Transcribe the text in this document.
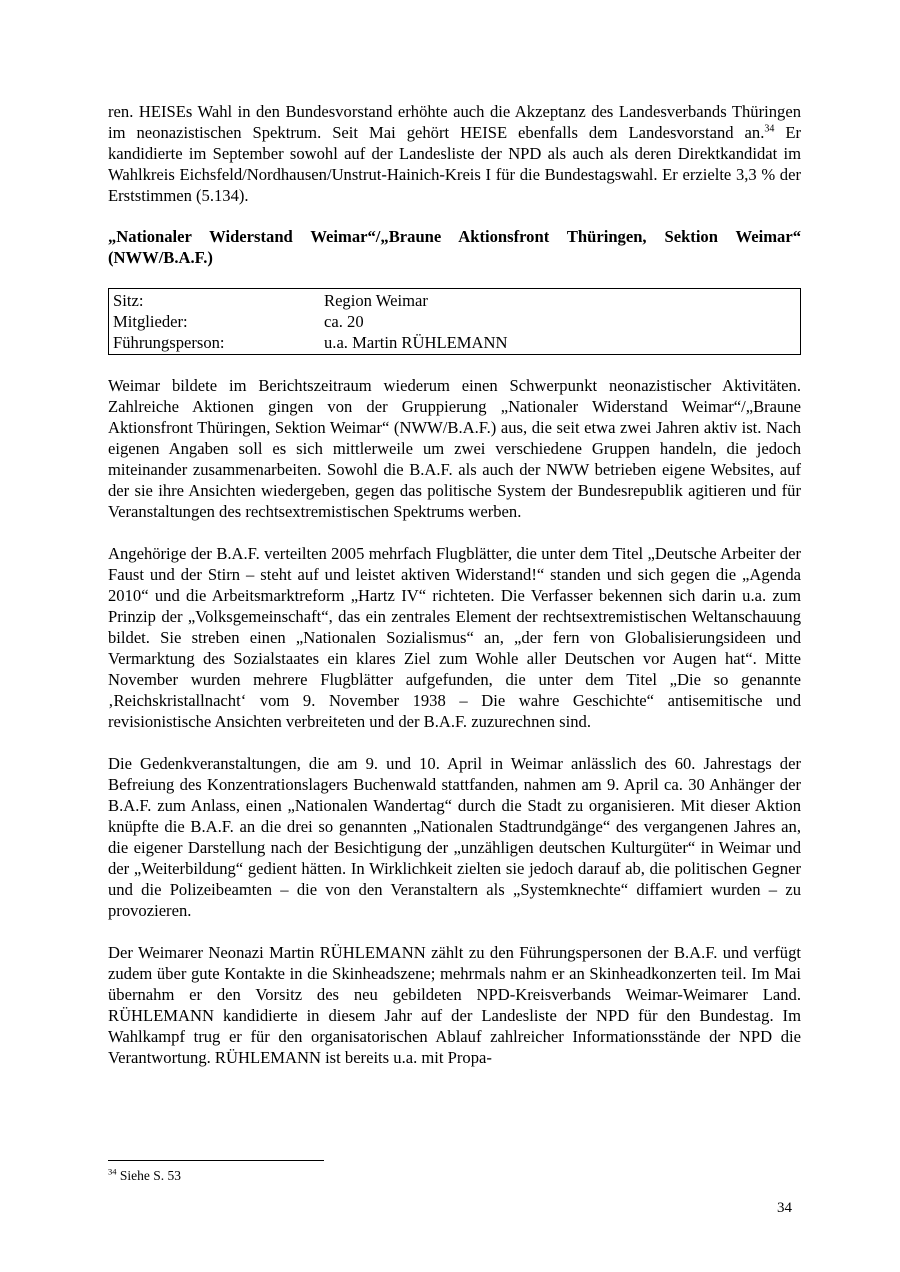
ren. HEISEs Wahl in den Bundesvorstand erhöhte auch die Akzeptanz des Landesverbands Thüringen im neonazistischen Spektrum. Seit Mai gehört HEISE ebenfalls dem Landesvorstand an.$^{34}$ Er kandidierte im September sowohl auf der Landesliste der NPD als auch als deren Direktkandidat im Wahlkreis Eichsfeld/Nordhausen/Unstrut-Hainich-Kreis I für die Bundestagswahl. Er erzielte 3,3 % der Erststimmen (5.134).

„Nationaler Widerstand Weimar“/„Braune Aktionsfront Thüringen, Sektion Weimar“ (NWW/B.A.F.)
Sitz:	Region Weimar
Mitglieder:	ca. 20
Führungsperson:	u.a. Martin RÜHLEMANN

Weimar bildete im Berichtszeitraum wiederum einen Schwerpunkt neonazistischer Aktivitäten. Zahlreiche Aktionen gingen von der Gruppierung „Nationaler Widerstand Weimar“/„Braune Aktionsfront Thüringen, Sektion Weimar“ (NWW/B.A.F.) aus, die seit etwa zwei Jahren aktiv ist. Nach eigenen Angaben soll es sich mittlerweile um zwei verschiedene Gruppen handeln, die jedoch miteinander zusammenarbeiten. Sowohl die B.A.F. als auch der NWW betrieben eigene Websites, auf der sie ihre Ansichten wiedergeben, gegen das politische System der Bundesrepublik agitieren und für Veranstaltungen des rechtsextremistischen Spektrums werben.

Angehörige der B.A.F. verteilten 2005 mehrfach Flugblätter, die unter dem Titel „Deutsche Arbeiter der Faust und der Stirn – steht auf und leistet aktiven Widerstand!“ standen und sich gegen die „Agenda 2010“ und die Arbeitsmarktreform „Hartz IV“ richteten. Die Verfasser bekennen sich darin u.a. zum Prinzip der „Volksgemeinschaft“, das ein zentrales Element der rechtsextremistischen Weltanschauung bildet. Sie streben einen „Nationalen Sozialismus“ an, „der fern von Globalisierungsideen und Vermarktung des Sozialstaates ein klares Ziel zum Wohle aller Deutschen vor Augen hat“. Mitte November wurden mehrere Flugblätter aufgefunden, die unter dem Titel „Die so genannte ‚Reichskristallnacht‘ vom 9. November 1938 – Die wahre Geschichte“ antisemitische und revisionistische Ansichten verbreiteten und der B.A.F. zuzurechnen sind.

Die Gedenkveranstaltungen, die am 9. und 10. April in Weimar anlässlich des 60. Jahrestags der Befreiung des Konzentrationslagers Buchenwald stattfanden, nahmen am 9. April ca. 30 Anhänger der B.A.F. zum Anlass, einen „Nationalen Wandertag“ durch die Stadt zu organisieren. Mit dieser Aktion knüpfte die B.A.F. an die drei so genannten „Nationalen Stadtrundgänge“ des vergangenen Jahres an, die eigener Darstellung nach der Besichtigung der „unzähligen deutschen Kulturgüter“ in Weimar und der „Weiterbildung“ gedient hätten. In Wirklichkeit zielten sie jedoch darauf ab, die politischen Gegner und die Polizeibeamten – die von den Veranstaltern als „Systemknechte“ diffamiert wurden – zu provozieren.

Der Weimarer Neonazi Martin RÜHLEMANN zählt zu den Führungspersonen der B.A.F. und verfügt zudem über gute Kontakte in die Skinheadszene; mehrmals nahm er an Skinheadkonzerten teil. Im Mai übernahm er den Vorsitz des neu gebildeten NPD-Kreisverbands Weimar-Weimarer Land. RÜHLEMANN kandidierte in diesem Jahr auf der Landesliste der NPD für den Bundestag. Im Wahlkampf trug er für den organisatorischen Ablauf zahlreicher Informationsstände der NPD die Verantwortung. RÜHLEMANN ist bereits u.a. mit Propa-

$^{34}$ Siehe S. 53
34
